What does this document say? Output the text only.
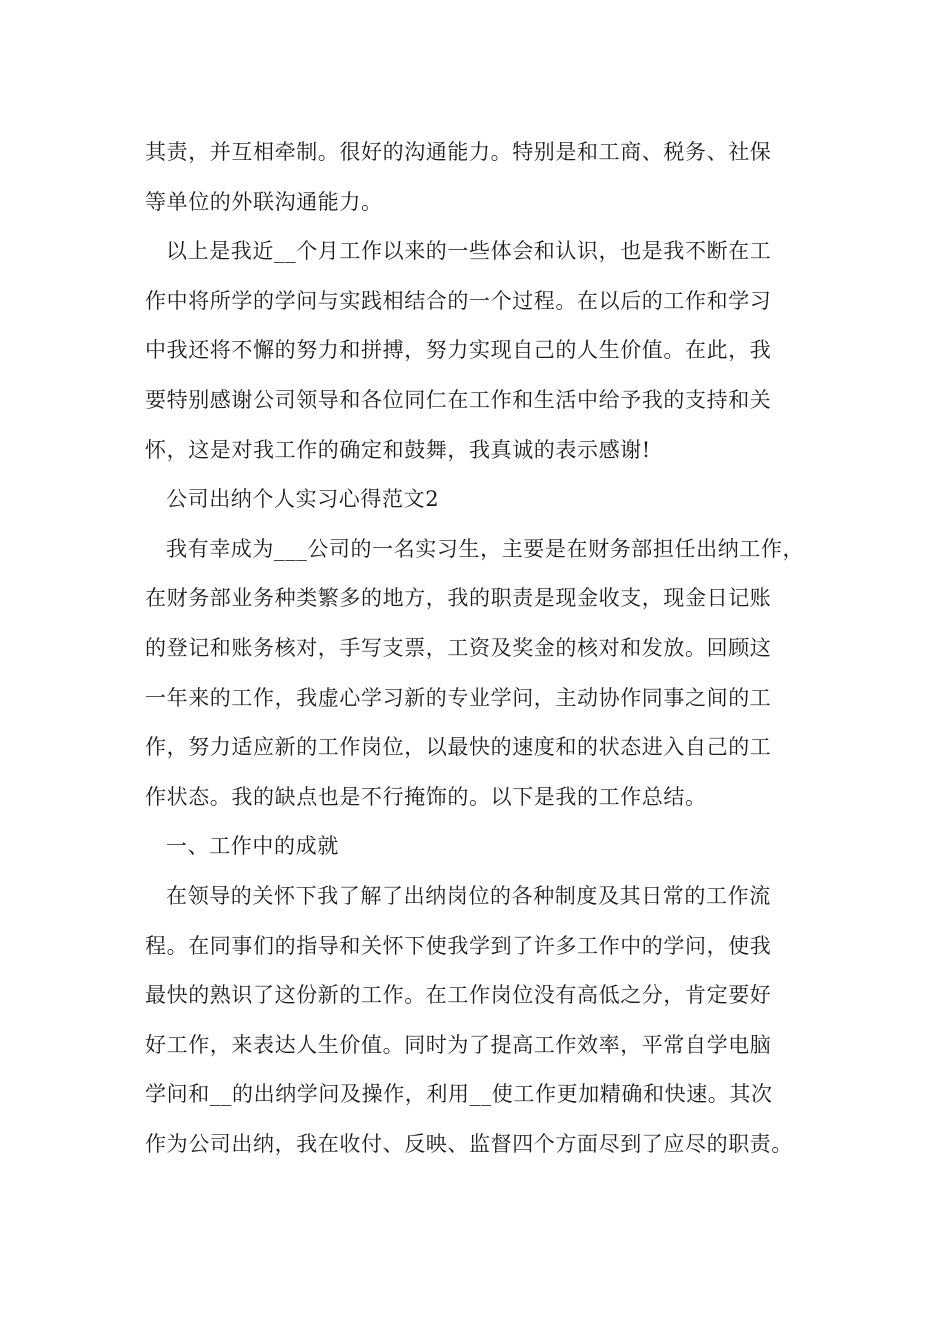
其责，并互相牵制。很好的沟通能力。特别是和工商、税务、社保
等单位的外联沟通能力。
以上是我近__个月工作以来的一些体会和认识，也是我不断在工
作中将所学的学问与实践相结合的一个过程。在以后的工作和学习
中我还将不懈的努力和拼搏，努力实现自己的人生价值。在此，我
要特别感谢公司领导和各位同仁在工作和生活中给予我的支持和关
怀，这是对我工作的确定和鼓舞，我真诚的表示感谢!
公司出纳个人实习心得范文2
我有幸成为___公司的一名实习生，主要是在财务部担任出纳工作，
在财务部业务种类繁多的地方，我的职责是现金收支，现金日记账
的登记和账务核对，手写支票，工资及奖金的核对和发放。回顾这
一年来的工作，我虚心学习新的专业学问，主动协作同事之间的工
作，努力适应新的工作岗位，以最快的速度和的状态进入自己的工
作状态。我的缺点也是不行掩饰的。以下是我的工作总结。
一、工作中的成就
在领导的关怀下我了解了出纳岗位的各种制度及其日常的工作流
程。在同事们的指导和关怀下使我学到了许多工作中的学问，使我
最快的熟识了这份新的工作。在工作岗位没有高低之分，肯定要好
好工作，来表达人生价值。同时为了提高工作效率，平常自学电脑
学问和__的出纳学问及操作，利用__使工作更加精确和快速。其次
作为公司出纳，我在收付、反映、监督四个方面尽到了应尽的职责。
